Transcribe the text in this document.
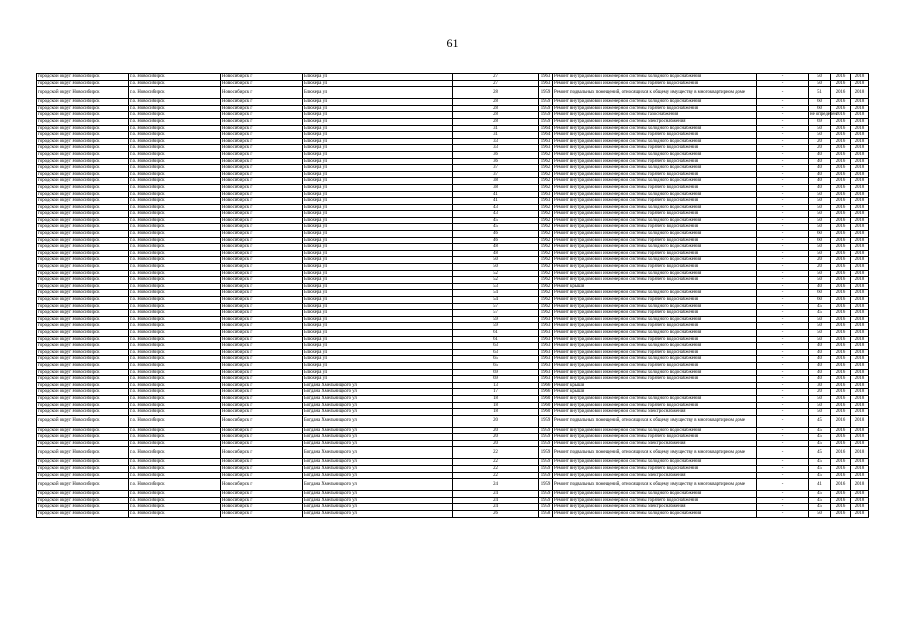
61
городской округ Новосибирск	г.о. Новосибирск	Новосибирск г	Блюхера ул	27	1963	Ремонт внутридомовой инженерной системы холодного водоснабжения	-	50	2016	2018
городской округ Новосибирск	г.о. Новосибирск	Новосибирск г	Блюхера ул	27	1963	Ремонт внутридомовой инженерной системы горячего водоснабжения	-	50	2016	2018
городской округ Новосибирск	г.о. Новосибирск	Новосибирск г	Блюхера ул	28	1959	Ремонт подвальных помещений, относящихся к общему имуществу в многоквартирном доме	-	51	2016	2018
городской округ Новосибирск	г.о. Новосибирск	Новосибирск г	Блюхера ул	28	1959	Ремонт внутридомовой инженерной системы холодного водоснабжения	-	60	2016	2018
городской округ Новосибирск	г.о. Новосибирск	Новосибирск г	Блюхера ул	28	1959	Ремонт внутридомовой инженерной системы горячего водоснабжения	-	60	2016	2018
городской округ Новосибирск	г.о. Новосибирск	Новосибирск г	Блюхера ул	28	1959	Ремонт внутридомовой инженерной системы газоснабжения	-	не определен	2016	2018
городской округ Новосибирск	г.о. Новосибирск	Новосибирск г	Блюхера ул	28	1959	Ремонт внутридомовой инженерной системы электроснабжения	-	69	2016	2018
городской округ Новосибирск	г.о. Новосибирск	Новосибирск г	Блюхера ул	31	1964	Ремонт внутридомовой инженерной системы холодного водоснабжения	-	50	2016	2018
городской округ Новосибирск	г.о. Новосибирск	Новосибирск г	Блюхера ул	31	1964	Ремонт внутридомовой инженерной системы горячего водоснабжения	-	50	2016	2018
городской округ Новосибирск	г.о. Новосибирск	Новосибирск г	Блюхера ул	33	1963	Ремонт внутридомовой инженерной системы холодного водоснабжения	-	20	2016	2018
городской округ Новосибирск	г.о. Новосибирск	Новосибирск г	Блюхера ул	33	1963	Ремонт внутридомовой инженерной системы горячего водоснабжения	-	20	2016	2018
городской округ Новосибирск	г.о. Новосибирск	Новосибирск г	Блюхера ул	36	1962	Ремонт внутридомовой инженерной системы холодного водоснабжения	-	40	2016	2018
городской округ Новосибирск	г.о. Новосибирск	Новосибирск г	Блюхера ул	36	1962	Ремонт внутридомовой инженерной системы горячего водоснабжения	-	40	2016	2018
городской округ Новосибирск	г.о. Новосибирск	Новосибирск г	Блюхера ул	37	1962	Ремонт внутридомовой инженерной системы холодного водоснабжения	-	40	2016	2018
городской округ Новосибирск	г.о. Новосибирск	Новосибирск г	Блюхера ул	37	1962	Ремонт внутридомовой инженерной системы горячего водоснабжения	-	40	2016	2018
городской округ Новосибирск	г.о. Новосибирск	Новосибирск г	Блюхера ул	38	1962	Ремонт внутридомовой инженерной системы холодного водоснабжения	-	40	2016	2018
городской округ Новосибирск	г.о. Новосибирск	Новосибирск г	Блюхера ул	38	1962	Ремонт внутридомовой инженерной системы горячего водоснабжения	-	40	2016	2018
городской округ Новосибирск	г.о. Новосибирск	Новосибирск г	Блюхера ул	41	1963	Ремонт внутридомовой инженерной системы холодного водоснабжения	-	50	2016	2018
городской округ Новосибирск	г.о. Новосибирск	Новосибирск г	Блюхера ул	41	1963	Ремонт внутридомовой инженерной системы горячего водоснабжения	-	50	2016	2018
городской округ Новосибирск	г.о. Новосибирск	Новосибирск г	Блюхера ул	43	1962	Ремонт внутридомовой инженерной системы холодного водоснабжения	-	50	2016	2018
городской округ Новосибирск	г.о. Новосибирск	Новосибирск г	Блюхера ул	43	1962	Ремонт внутридомовой инженерной системы горячего водоснабжения	-	50	2016	2018
городской округ Новосибирск	г.о. Новосибирск	Новосибирск г	Блюхера ул	45	1962	Ремонт внутридомовой инженерной системы холодного водоснабжения	-	50	2016	2018
городской округ Новосибирск	г.о. Новосибирск	Новосибирск г	Блюхера ул	45	1962	Ремонт внутридомовой инженерной системы горячего водоснабжения	-	50	2016	2018
городской округ Новосибирск	г.о. Новосибирск	Новосибирск г	Блюхера ул	46	1962	Ремонт внутридомовой инженерной системы холодного водоснабжения	-	60	2016	2018
городской округ Новосибирск	г.о. Новосибирск	Новосибирск г	Блюхера ул	46	1962	Ремонт внутридомовой инженерной системы горячего водоснабжения	-	60	2016	2018
городской округ Новосибирск	г.о. Новосибирск	Новосибирск г	Блюхера ул	48	1962	Ремонт внутридомовой инженерной системы холодного водоснабжения	-	50	2016	2018
городской округ Новосибирск	г.о. Новосибирск	Новосибирск г	Блюхера ул	48	1962	Ремонт внутридомовой инженерной системы горячего водоснабжения	-	50	2016	2018
городской округ Новосибирск	г.о. Новосибирск	Новосибирск г	Блюхера ул	50	1962	Ремонт внутридомовой инженерной системы холодного водоснабжения	-	20	2016	2018
городской округ Новосибирск	г.о. Новосибирск	Новосибирск г	Блюхера ул	50	1962	Ремонт внутридомовой инженерной системы горячего водоснабжения	-	20	2016	2018
городской округ Новосибирск	г.о. Новосибирск	Новосибирск г	Блюхера ул	52	1962	Ремонт внутридомовой инженерной системы холодного водоснабжения	-	50	2016	2018
городской округ Новосибирск	г.о. Новосибирск	Новосибирск г	Блюхера ул	52	1962	Ремонт внутридомовой инженерной системы горячего водоснабжения	-	50	2016	2018
городской округ Новосибирск	г.о. Новосибирск	Новосибирск г	Блюхера ул	53	1962	Ремонт крыши	-	40	2016	2018
городской округ Новосибирск	г.о. Новосибирск	Новосибирск г	Блюхера ул	54	1962	Ремонт внутридомовой инженерной системы холодного водоснабжения	-	60	2016	2018
городской округ Новосибирск	г.о. Новосибирск	Новосибирск г	Блюхера ул	54	1962	Ремонт внутридомовой инженерной системы горячего водоснабжения	-	60	2016	2018
городской округ Новосибирск	г.о. Новосибирск	Новосибирск г	Блюхера ул	57	1962	Ремонт внутридомовой инженерной системы холодного водоснабжения	-	45	2016	2018
городской округ Новосибирск	г.о. Новосибирск	Новосибирск г	Блюхера ул	57	1962	Ремонт внутридомовой инженерной системы горячего водоснабжения	-	45	2016	2018
городской округ Новосибирск	г.о. Новосибирск	Новосибирск г	Блюхера ул	59	1963	Ремонт внутридомовой инженерной системы холодного водоснабжения	-	50	2016	2018
городской округ Новосибирск	г.о. Новосибирск	Новосибирск г	Блюхера ул	59	1963	Ремонт внутридомовой инженерной системы горячего водоснабжения	-	50	2016	2018
городской округ Новосибирск	г.о. Новосибирск	Новосибирск г	Блюхера ул	61	1963	Ремонт внутридомовой инженерной системы холодного водоснабжения	-	50	2016	2018
городской округ Новосибирск	г.о. Новосибирск	Новосибирск г	Блюхера ул	61	1963	Ремонт внутридомовой инженерной системы горячего водоснабжения	-	50	2016	2018
городской округ Новосибирск	г.о. Новосибирск	Новосибирск г	Блюхера ул	63	1963	Ремонт внутридомовой инженерной системы холодного водоснабжения	-	40	2016	2018
городской округ Новосибирск	г.о. Новосибирск	Новосибирск г	Блюхера ул	63	1963	Ремонт внутридомовой инженерной системы горячего водоснабжения	-	40	2016	2018
городской округ Новосибирск	г.о. Новосибирск	Новосибирск г	Блюхера ул	65	1963	Ремонт внутридомовой инженерной системы холодного водоснабжения	-	40	2016	2018
городской округ Новосибирск	г.о. Новосибирск	Новосибирск г	Блюхера ул	65	1963	Ремонт внутридомовой инженерной системы горячего водоснабжения	-	40	2016	2018
городской округ Новосибирск	г.о. Новосибирск	Новосибирск г	Блюхера ул	69	1963	Ремонт внутридомовой инженерной системы холодного водоснабжения	-	40	2016	2018
городской округ Новосибирск	г.о. Новосибирск	Новосибирск г	Блюхера ул	69	1963	Ремонт внутридомовой инженерной системы горячего водоснабжения	-	40	2016	2018
городской округ Новосибирск	г.о. Новосибирск	Новосибирск г	Богдана Хмельницкого ул	13	1966	Ремонт крыши	-	30	2016	2018
городской округ Новосибирск	г.о. Новосибирск	Новосибирск г	Богдана Хмельницкого ул	17	1966	Ремонт крыши	-	20	2016	2018
городской округ Новосибирск	г.о. Новосибирск	Новосибирск г	Богдана Хмельницкого ул	18	1960	Ремонт внутридомовой инженерной системы холодного водоснабжения	-	50	2016	2018
городской округ Новосибирск	г.о. Новосибирск	Новосибирск г	Богдана Хмельницкого ул	18	1960	Ремонт внутридомовой инженерной системы горячего водоснабжения	-	50	2016	2018
городской округ Новосибирск	г.о. Новосибирск	Новосибирск г	Богдана Хмельницкого ул	18	1960	Ремонт внутридомовой инженерной системы электроснабжения	-	50	2016	2018
городской округ Новосибирск	г.о. Новосибирск	Новосибирск г	Богдана Хмельницкого ул	20	1959	Ремонт подвальных помещений, относящихся к общему имуществу в многоквартирном доме	-	45	2016	2018
городской округ Новосибирск	г.о. Новосибирск	Новосибирск г	Богдана Хмельницкого ул	20	1959	Ремонт внутридомовой инженерной системы холодного водоснабжения	-	45	2016	2018
городской округ Новосибирск	г.о. Новосибирск	Новосибирск г	Богдана Хмельницкого ул	20	1959	Ремонт внутридомовой инженерной системы горячего водоснабжения	-	45	2016	2018
городской округ Новосибирск	г.о. Новосибирск	Новосибирск г	Богдана Хмельницкого ул	20	1959	Ремонт внутридомовой инженерной системы электроснабжения	-	45	2016	2018
городской округ Новосибирск	г.о. Новосибирск	Новосибирск г	Богдана Хмельницкого ул	22	1959	Ремонт подвальных помещений, относящихся к общему имуществу в многоквартирном доме	-	45	2016	2018
городской округ Новосибирск	г.о. Новосибирск	Новосибирск г	Богдана Хмельницкого ул	22	1959	Ремонт внутридомовой инженерной системы холодного водоснабжения	-	45	2016	2018
городской округ Новосибирск	г.о. Новосибирск	Новосибирск г	Богдана Хмельницкого ул	22	1959	Ремонт внутридомовой инженерной системы горячего водоснабжения	-	45	2016	2018
городской округ Новосибирск	г.о. Новосибирск	Новосибирск г	Богдана Хмельницкого ул	22	1959	Ремонт внутридомовой инженерной системы электроснабжения	-	45	2016	2018
городской округ Новосибирск	г.о. Новосибирск	Новосибирск г	Богдана Хмельницкого ул	24	1959	Ремонт подвальных помещений, относящихся к общему имуществу в многоквартирном доме	-	41	2016	2018
городской округ Новосибирск	г.о. Новосибирск	Новосибирск г	Богдана Хмельницкого ул	24	1959	Ремонт внутридомовой инженерной системы холодного водоснабжения	-	45	2016	2018
городской округ Новосибирск	г.о. Новосибирск	Новосибирск г	Богдана Хмельницкого ул	24	1959	Ремонт внутридомовой инженерной системы горячего водоснабжения	-	45	2016	2018
городской округ Новосибирск	г.о. Новосибирск	Новосибирск г	Богдана Хмельницкого ул	24	1959	Ремонт внутридомовой инженерной системы электроснабжения	-	45	2016	2018
городской округ Новосибирск	г.о. Новосибирск	Новосибирск г	Богдана Хмельницкого ул	26	1958	Ремонт внутридомовой инженерной системы холодного водоснабжения	-	50	2016	2018
